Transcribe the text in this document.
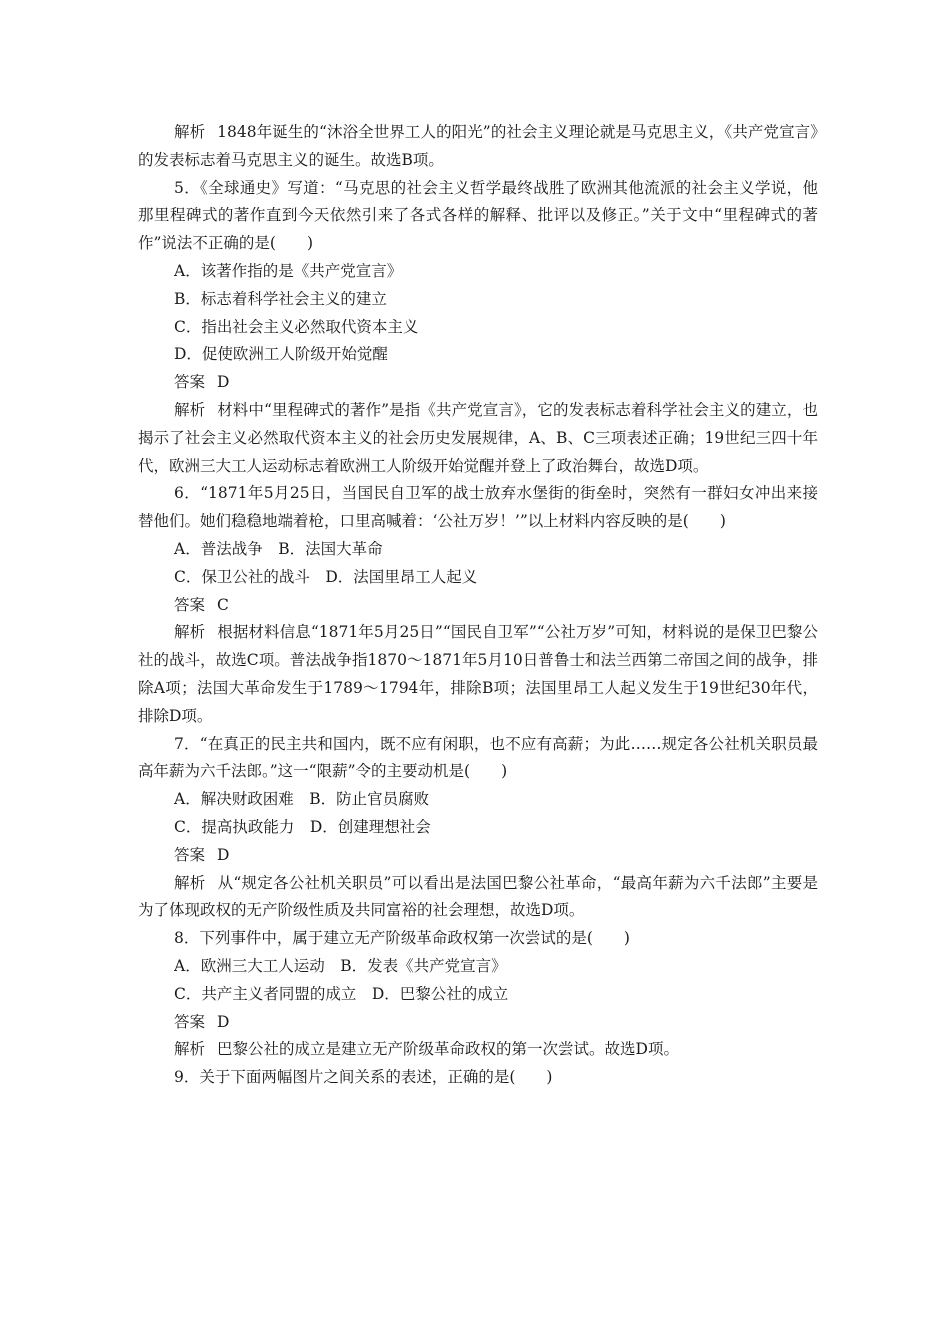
解析 1848年诞生的“沐浴全世界工人的阳光”的社会主义理论就是马克思主义，《共产党宣言》的发表标志着马克思主义的诞生。故选B项。

5．《全球通史》写道：“马克思的社会主义哲学最终战胜了欧洲其他流派的社会主义学说，他那里程碑式的著作直到今天依然引来了各式各样的解释、批评以及修正。”关于文中“里程碑式的著作”说法不正确的是(　　)

A．该著作指的是《共产党宣言》

B．标志着科学社会主义的建立

C．指出社会主义必然取代资本主义

D．促使欧洲工人阶级开始觉醒

答案 D

解析 材料中“里程碑式的著作”是指《共产党宣言》，它的发表标志着科学社会主义的建立，也揭示了社会主义必然取代资本主义的社会历史发展规律，A、B、C三项表述正确；19世纪三四十年代，欧洲三大工人运动标志着欧洲工人阶级开始觉醒并登上了政治舞台，故选D项。

6．“1871年5月25日，当国民自卫军的战士放弃水堡街的街垒时，突然有一群妇女冲出来接替他们。她们稳稳地端着枪，口里高喊着：‘公社万岁！’”以上材料内容反映的是(　　)

A．普法战争　B．法国大革命

C．保卫公社的战斗　D．法国里昂工人起义

答案 C

解析 根据材料信息“1871年5月25日”“国民自卫军”“公社万岁”可知，材料说的是保卫巴黎公社的战斗，故选C项。普法战争指1870～1871年5月10日普鲁士和法兰西第二帝国之间的战争，排除A项；法国大革命发生于1789～1794年，排除B项；法国里昂工人起义发生于19世纪30年代，排除D项。

7．“在真正的民主共和国内，既不应有闲职，也不应有高薪；为此……规定各公社机关职员最高年薪为六千法郎。”这一“限薪”令的主要动机是(　　)

A．解决财政困难　B．防止官员腐败

C．提高执政能力　D．创建理想社会

答案 D

解析 从“规定各公社机关职员”可以看出是法国巴黎公社革命，“最高年薪为六千法郎”主要是为了体现政权的无产阶级性质及共同富裕的社会理想，故选D项。

8．下列事件中，属于建立无产阶级革命政权第一次尝试的是(　　)

A．欧洲三大工人运动　B．发表《共产党宣言》

C．共产主义者同盟的成立　D．巴黎公社的成立

答案 D

解析 巴黎公社的成立是建立无产阶级革命政权的第一次尝试。故选D项。

9．关于下面两幅图片之间关系的表述，正确的是(　　)
